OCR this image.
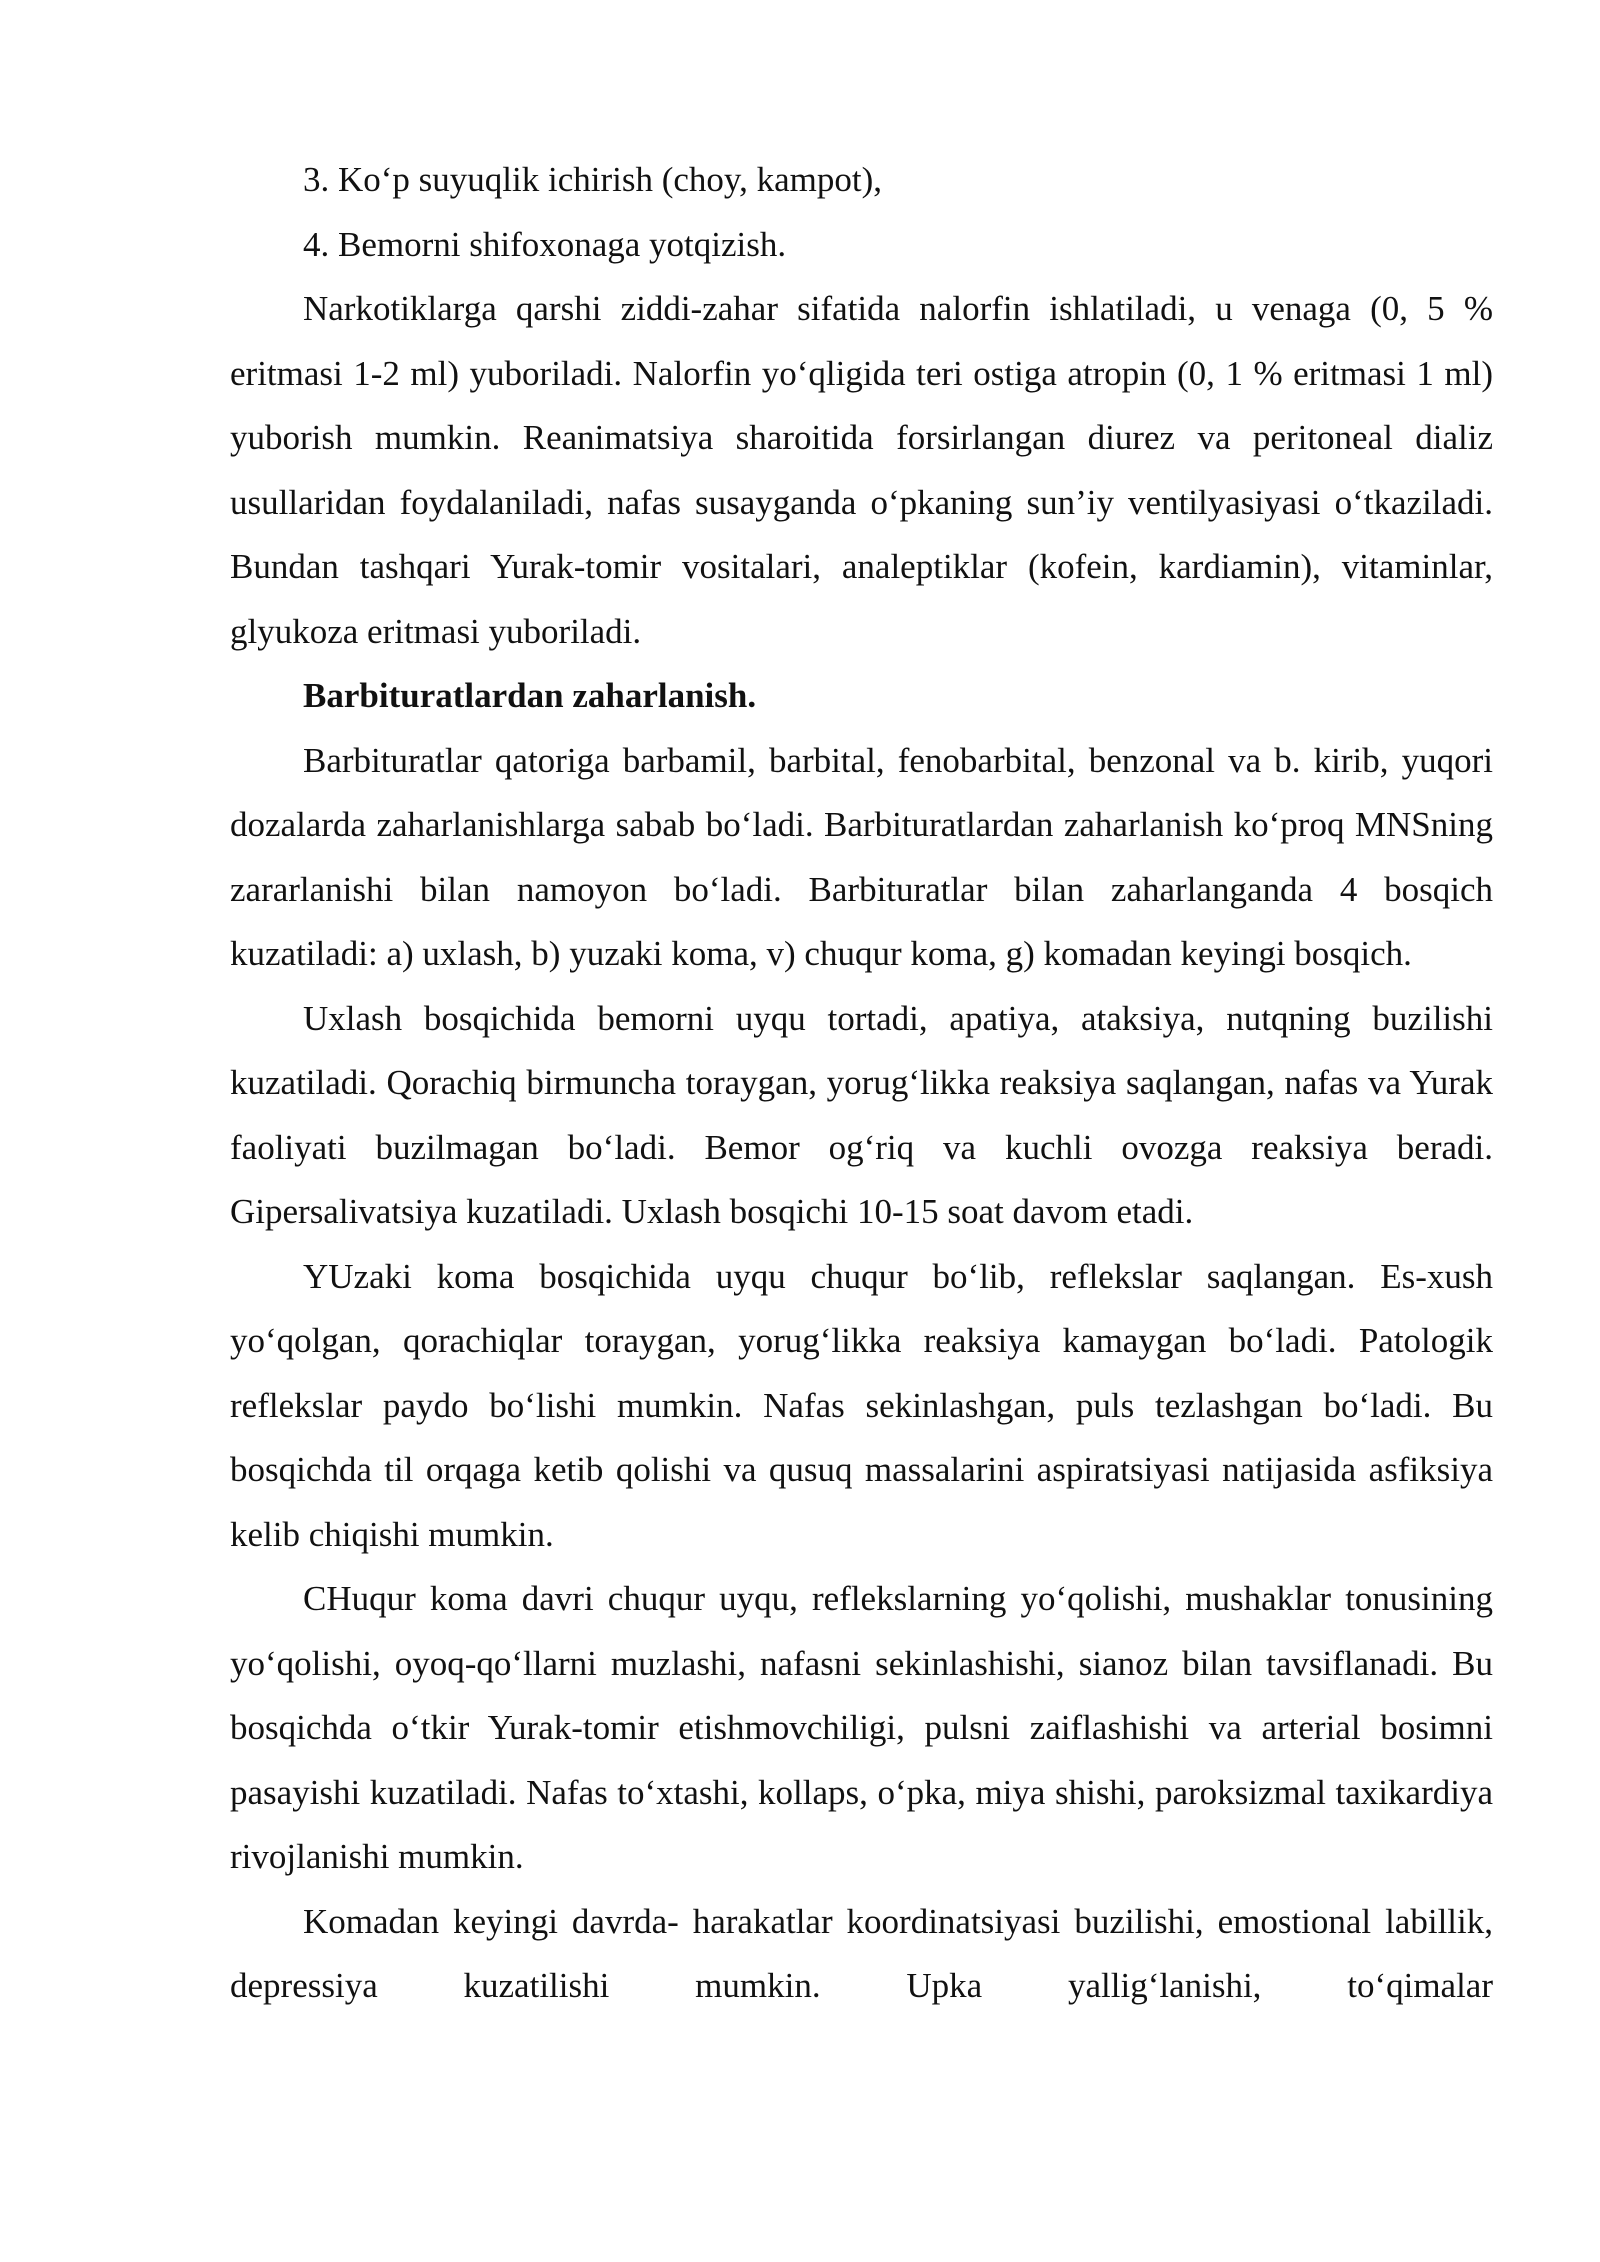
3. Ko‘p suyuqlik ichirish (choy, kampot),

4. Bemorni shifoxonaga yotqizish.

Narkotiklarga qarshi ziddi-zahar sifatida nalorfin ishlatiladi, u venaga (0, 5 % eritmasi 1-2 ml) yuboriladi. Nalorfin yo‘qligida teri ostiga atropin (0, 1 % eritmasi 1 ml) yuborish mumkin. Reanimatsiya sharoitida forsirlangan diurez va peritoneal dializ usullaridan foydalaniladi, nafas susayganda o‘pkaning sun’iy ventilyasiyasi o‘tkaziladi. Bundan tashqari Yurak-tomir vositalari, analeptiklar (kofein, kardiamin), vitaminlar, glyukoza eritmasi yuboriladi.

Barbituratlardan zaharlanish.

Barbituratlar qatoriga barbamil, barbital, fenobarbital, benzonal va b. kirib, yuqori dozalarda zaharlanishlarga sabab bo‘ladi. Barbituratlardan zaharlanish ko‘proq MNSning zararlanishi bilan namoyon bo‘ladi. Barbituratlar bilan zaharlanganda 4 bosqich kuzatiladi: a) uxlash, b) yuzaki koma, v) chuqur koma, g) komadan keyingi bosqich.

Uxlash bosqichida bemorni uyqu tortadi, apatiya, ataksiya, nutqning buzilishi kuzatiladi. Qorachiq birmuncha toraygan, yorug‘likka reaksiya saqlangan, nafas va Yurak faoliyati buzilmagan bo‘ladi. Bemor og‘riq va kuchli ovozga reaksiya beradi. Gipersalivatsiya kuzatiladi. Uxlash bosqichi 10-15 soat davom etadi.

YUzaki koma bosqichida uyqu chuqur bo‘lib, reflekslar saqlangan. Es-xush yo‘qolgan, qorachiqlar toraygan, yorug‘likka reaksiya kamaygan bo‘ladi. Patologik reflekslar paydo bo‘lishi mumkin. Nafas sekinlashgan, puls tezlashgan bo‘ladi. Bu bosqichda til orqaga ketib qolishi va qusuq massalarini aspiratsiyasi natijasida asfiksiya kelib chiqishi mumkin.

CHuqur koma davri chuqur uyqu, reflekslarning yo‘qolishi, mushaklar tonusining yo‘qolishi, oyoq-qo‘llarni muzlashi, nafasni sekinlashishi, sianoz bilan tavsiflanadi. Bu bosqichda o‘tkir Yurak-tomir etishmovchiligi, pulsni zaiflashishi va arterial bosimni pasayishi kuzatiladi. Nafas to‘xtashi, kollaps, o‘pka, miya shishi, paroksizmal taxikardiya rivojlanishi mumkin.

Komadan keyingi davrda- harakatlar koordinatsiyasi buzilishi, emostional labillik, depressiya kuzatilishi mumkin. Upka yallig‘lanishi, to‘qimalar
